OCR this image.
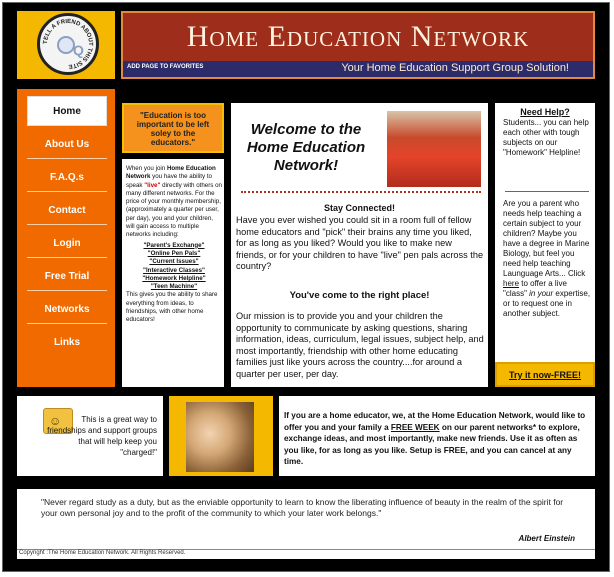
TELL A FRIEND ABOUT THIS SITE
Q	Home Education Network
ADD PAGE TO FAVORITES	Your Home Education Support Group Solution!
Home
About Us
F.A.Q.s
Contact
Login
Free Trial
Networks
Links
"Education is too important to be left soley to the educators."
When you join Home Education Network you have the ability to speak "live" directly with others on many different networks. For the price of your monthly membership, (approximately a quarter per user, per day), you and your children, will gain access to multiple networks including:
"Parent's Exchange"
"Online Pen Pals"
"Current Issues"
"Interactive Classes"
"Homework Helpline"
"Teen Machine"
This gives you the ability to share everything from ideas, to friendships, with other home educators!
Welcome to the Home Education Network!
Stay Connected!
Have you ever wished you could sit in a room full of fellow home educators and "pick" their brains any time you liked, for as long as you liked? Would you like to make new friends, or for your children to have "live" pen pals across the country?
You've come to the right place!
Our mission is to provide you and your children the opportunity to communicate by asking questions, sharing information, ideas, curriculum, legal issues, subject help, and most importantly, friendship with other home educating families just like yours across the country....for around a quarter per user, per day.
Need Help?
Students... you can help each other with tough subjects on our "Homework" Helpline!
Are you a parent who needs help teaching a certain subject to your children? Maybe you have a degree in Marine Biology, but feel you need help teaching Launguage Arts... Click here to offer a live "class" in your expertise, or to request one in another subject.
Try it now-FREE!
☺	This is a great way to friendships and support groups that will help keep you "charged!"
If you are a home educator, we, at the Home Education Network, would like to offer you and your family a FREE WEEK on our parent networks* to explore, exchange ideas, and most importantly, make new friends. Use it as often as you like, for as long as you like. Setup is FREE, and you can cancel at any time.
"Never regard study as a duty, but as the enviable opportunity to learn to know the liberating influence of beauty in the realm of the spirit for your own personal joy and to the profit of the community to which your later work belongs."
Albert Einstein
Copyright :The Home Education Network. All Rights Reserved.
